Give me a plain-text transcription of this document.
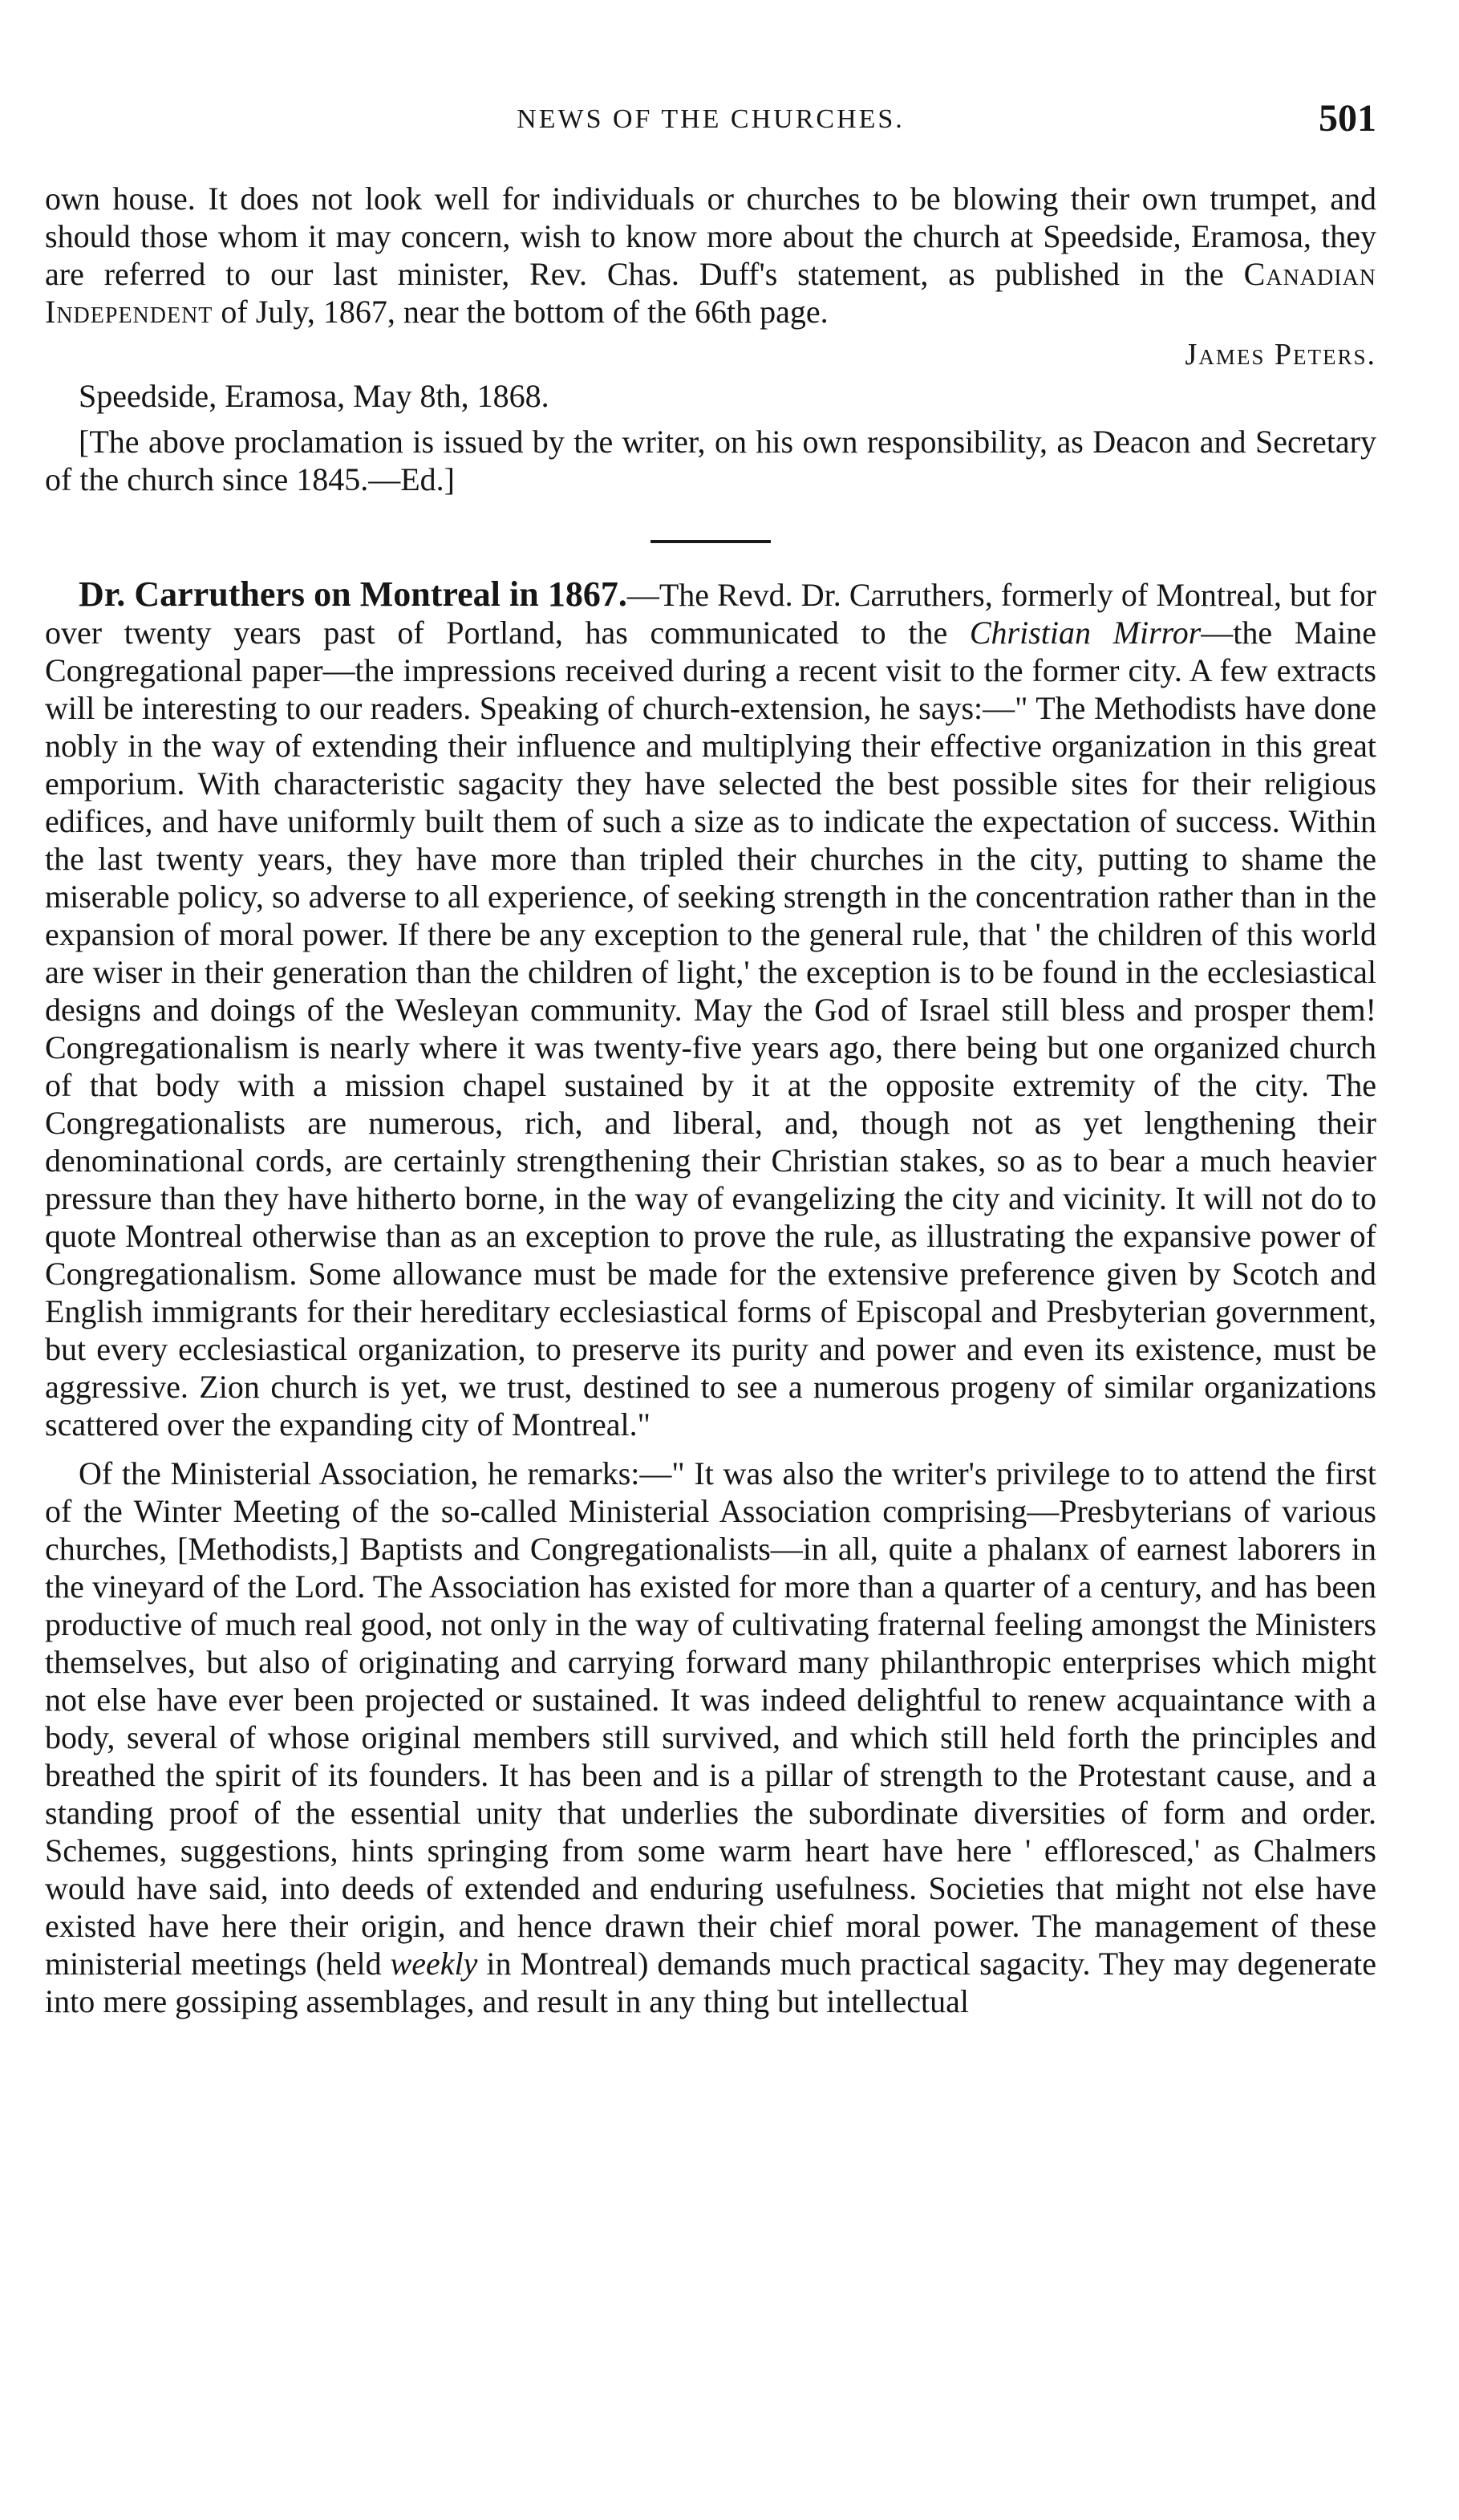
NEWS OF THE CHURCHES.	501

own house. It does not look well for individuals or churches to be blowing their own trumpet, and should those whom it may concern, wish to know more about the church at Speedside, Eramosa, they are referred to our last minister, Rev. Chas. Duff's statement, as published in the Canadian Independent of July, 1867, near the bottom of the 66th page.

James Peters.

Speedside, Eramosa, May 8th, 1868.

[The above proclamation is issued by the writer, on his own responsibility, as Deacon and Secretary of the church since 1845.—Ed.]

Dr. Carruthers on Montreal in 1867.—The Revd. Dr. Carruthers, formerly of Montreal, but for over twenty years past of Portland, has communicated to the Christian Mirror—the Maine Congregational paper—the impressions received during a recent visit to the former city. A few extracts will be interesting to our readers. Speaking of church-extension, he says:—" The Methodists have done nobly in the way of extending their influence and multiplying their effective organization in this great emporium. With characteristic sagacity they have selected the best possible sites for their religious edifices, and have uniformly built them of such a size as to indicate the expectation of success. Within the last twenty years, they have more than tripled their churches in the city, putting to shame the miserable policy, so adverse to all experience, of seeking strength in the concentration rather than in the expansion of moral power. If there be any exception to the general rule, that ' the children of this world are wiser in their generation than the children of light,' the exception is to be found in the ecclesiastical designs and doings of the Wesleyan community. May the God of Israel still bless and prosper them! Congregationalism is nearly where it was twenty-five years ago, there being but one organized church of that body with a mission chapel sustained by it at the opposite extremity of the city. The Congregationalists are numerous, rich, and liberal, and, though not as yet lengthening their denominational cords, are certainly strengthening their Christian stakes, so as to bear a much heavier pressure than they have hitherto borne, in the way of evangelizing the city and vicinity. It will not do to quote Montreal otherwise than as an exception to prove the rule, as illustrating the expansive power of Congregationalism. Some allowance must be made for the extensive preference given by Scotch and English immigrants for their hereditary ecclesiastical forms of Episcopal and Presbyterian government, but every ecclesiastical organization, to preserve its purity and power and even its existence, must be aggressive. Zion church is yet, we trust, destined to see a numerous progeny of similar organizations scattered over the expanding city of Montreal."

Of the Ministerial Association, he remarks:—" It was also the writer's privilege to to attend the first of the Winter Meeting of the so-called Ministerial Association comprising—Presbyterians of various churches, [Methodists,] Baptists and Congregationalists—in all, quite a phalanx of earnest laborers in the vineyard of the Lord. The Association has existed for more than a quarter of a century, and has been productive of much real good, not only in the way of cultivating fraternal feeling amongst the Ministers themselves, but also of originating and carrying forward many philanthropic enterprises which might not else have ever been projected or sustained. It was indeed delightful to renew acquaintance with a body, several of whose original members still survived, and which still held forth the principles and breathed the spirit of its founders. It has been and is a pillar of strength to the Protestant cause, and a standing proof of the essential unity that underlies the subordinate diversities of form and order. Schemes, suggestions, hints springing from some warm heart have here ' effloresced,' as Chalmers would have said, into deeds of extended and enduring usefulness. Societies that might not else have existed have here their origin, and hence drawn their chief moral power. The management of these ministerial meetings (held weekly in Montreal) demands much practical sagacity. They may degenerate into mere gossiping assemblages, and result in any thing but intellectual
